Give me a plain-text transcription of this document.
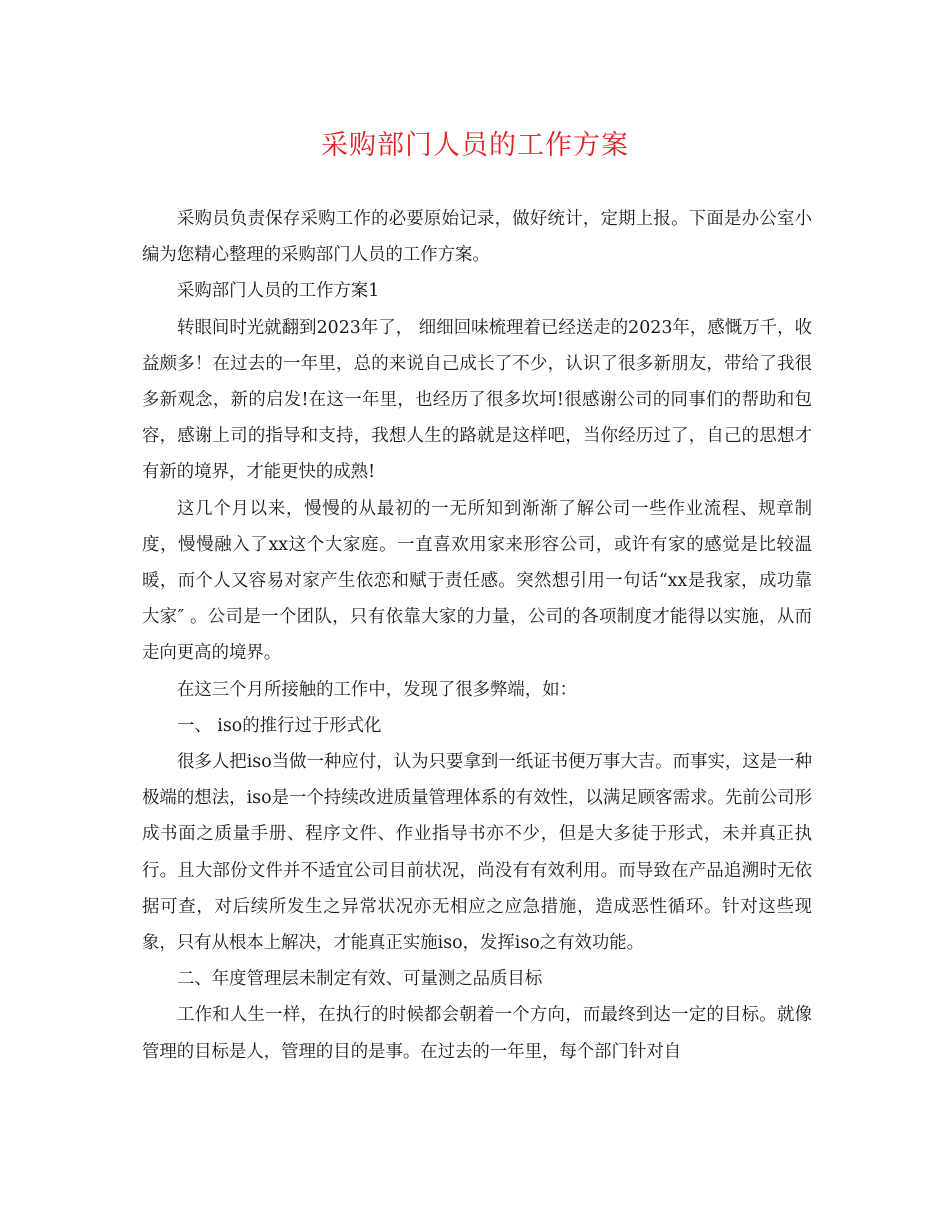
采购部门人员的工作方案

采购员负责保存采购工作的必要原始记录，做好统计，定期上报。下面是办公室小编为您精心整理的采购部门人员的工作方案。

采购部门人员的工作方案1

转眼间时光就翻到2023年了， 细细回味梳理着已经送走的2023年，感慨万千，收益颇多！在过去的一年里，总的来说自己成长了不少，认识了很多新朋友，带给了我很多新观念，新的启发!在这一年里，也经历了很多坎坷!很感谢公司的同事们的帮助和包容，感谢上司的指导和支持，我想人生的路就是这样吧，当你经历过了，自己的思想才有新的境界，才能更快的成熟!

这几个月以来，慢慢的从最初的一无所知到渐渐了解公司一些作业流程、规章制度，慢慢融入了xx这个大家庭。一直喜欢用家来形容公司，或许有家的感觉是比较温暖，而个人又容易对家产生依恋和赋于责任感。突然想引用一句话“xx是我家，成功靠大家″ 。公司是一个团队，只有依靠大家的力量，公司的各项制度才能得以实施，从而走向更高的境界。

在这三个月所接触的工作中，发现了很多弊端，如：

一、 iso的推行过于形式化

很多人把iso当做一种应付，认为只要拿到一纸证书便万事大吉。而事实，这是一种极端的想法，iso是一个持续改进质量管理体系的有效性，以满足顾客需求。先前公司形成书面之质量手册、程序文件、作业指导书亦不少，但是大多徒于形式，未并真正执行。且大部份文件并不适宜公司目前状况，尚没有有效利用。而导致在产品追溯时无依据可查，对后续所发生之异常状况亦无相应之应急措施，造成恶性循环。针对这些现象，只有从根本上解决，才能真正实施iso，发挥iso之有效功能。

二、年度管理层未制定有效、可量测之品质目标

工作和人生一样，在执行的时候都会朝着一个方向，而最终到达一定的目标。就像管理的目标是人，管理的目的是事。在过去的一年里，每个部门针对自
